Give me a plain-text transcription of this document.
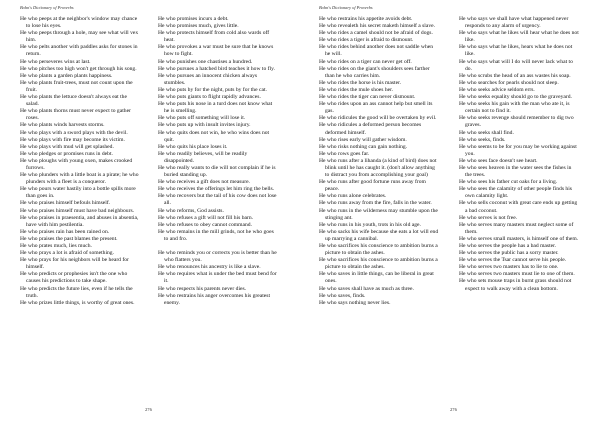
Bohn's Dictionary of Proverbs

He who peeps at the neighbor's window may chance to lose his eyes.

He who peeps through a hole, may see what will vex him.

He who pelts another with paddles asks for stones in return.

He who perseveres wins at last.

He who pitches too high won't get through his song.

He who plants a garden plants happiness.

He who plants fruit-trees, must not count upon the fruit.

He who plants the lettuce doesn't always eat the salad.

He who plants thorns must never expect to gather roses.

He who plants winds harvests storms.

He who plays with a sword plays with the devil.

He who plays with fire may become its victim.

He who plays with mud will get splashed.

He who pledges or promises runs in debt.

He who ploughs with young oxen, makes crooked furrows.

He who plunders with a little boat is a pirate; he who plunders with a fleet is a conqueror.

He who pours water hastily into a bottle spills more than goes in.

He who praises himself befouls himself.

He who praises himself must have bad neighbours.

He who praises in praesentia, and abuses in absentia, have with him pestilentia.

He who praises rain has been rained on.

He who praises the past blames the present.

He who prates much, lies much.

He who prays a lot is afraid of something.

He who prays for his neighbors will be heard for himself.

He who predicts or prophesies isn't the one who causes his predictions to take shape.

He who predicts the future lies, even if he tells the truth.

He who prizes little things, is worthy of great ones.

He who promises incurs a debt.

He who promises much, gives little.

He who protects himself from cold also wards off heat.

He who provokes a war must be sure that he knows how to fight.

He who punishes one chastises a hundred.

He who pursues a hatched bird teaches it how to fly.

He who pursues an innocent chicken always stumbles.

He who puts by for the night, puts by for the cat.

He who puts giants to flight rapidly advances.

He who puts his nose in a turd does not know what he is smelling.

He who puts off something will lose it.

He who puts up with insult invites injury.

He who quits does not win, he who wins does not quit.

He who quits his place loses it.

He who readily believes, will be readily disappointed.

He who really wants to die will not complain if he is buried standing up.

He who receives a gift does not measure.

He who receives the offerings let him ring the bells.

He who recovers but the tail of his cow does not lose all.

He who reforms, God assists.

He who refuses a gift will not fill his barn.

He who refuses to obey cannot command.

He who remains in the mill grinds, not he who goes to and fro.

He who reminds you or corrects you is better than he who flatters you.

He who renounces his ancestry is like a slave.

He who requires what is under the bed must bend for it.

He who respects his parents never dies.

He who restrains his anger overcomes his greatest enemy.

276
Bohn's Dictionary of Proverbs

He who restrains his appetite avoids debt.

He who revealeth his secret maketh himself a slave.

He who rides a camel should not be afraid of dogs.

He who rides a tiger is afraid to dismount.

He who rides behind another does not saddle when he will.

He who rides on a tiger can never get off.

He who rides on the giant's shoulders sees farther than he who carries him.

He who rides the horse is his master.

He who rides the mule shoes her.

He who rides the tiger can never dismount.

He who rides upon an ass cannot help but smell its gas.

He who ridicules the good will be overtaken by evil.

He who ridicules a deformed person becomes deformed himself.

He who rises early will gather wisdom.

He who risks nothing can gain nothing.

He who rows goes far.

He who runs after a lihanda (a kind of bird) does not blink until he has caught it. (don't allow anything to distract you from accomplishing your goal)

He who runs after good fortune runs away from peace.

He who runs alone celebrates.

He who runs away from the fire, falls in the water.

He who runs in the wilderness may stumble upon the stinging ant.

He who runs in his youth, trots in his old age.

He who sacks his wife because she eats a lot will end up marrying a cannibal.

He who sacrifices his conscience to ambition burns a picture to obtain the ashes.

He who sacrifices his conscience to ambition burns a picture to obtain the ashes.

He who saves in little things, can be liberal in great ones.

He who saves shall have as much as three.

He who saves, finds.

He who says nothing never lies.

He who says we shall have what happened never responds to any alarm of urgency.

He who says what he likes will hear what he does not like.

He who says what he likes, hears what he does not like.

He who says what will I do will never lack what to do.

He who scrubs the head of an ass wastes his soap.

He who searches for pearls should not sleep.

He who seeks advice seldom errs.

He who seeks equality should go to the graveyard.

He who seeks his gain with the man who ate it, is certain not to find it.

He who seeks revenge should remember to dig two graves.

He who seeks shall find.

He who seeks, finds.

He who seems to be for you may be working against you.

He who sees face doesn't see heart.

He who sees heaven in the water sees the fishes in the trees.

He who sees his father cut oaks for a living.

He who sees the calamity of other people finds his own calamity light.

He who sells coconut with great care ends up getting a bad coconut.

He who serves is not free.

He who serves many masters must neglect some of them.

He who serves small masters, is himself one of them.

He who serves the people has a bad master.

He who serves the public has a sorry master.

He who serves the Tsar cannot serve his people.

He who serves two masters has to lie to one.

He who serves two masters must lie to one of them.

He who sets mouse traps in burnt grass should not expect to walk away with a clean bottom.

276
